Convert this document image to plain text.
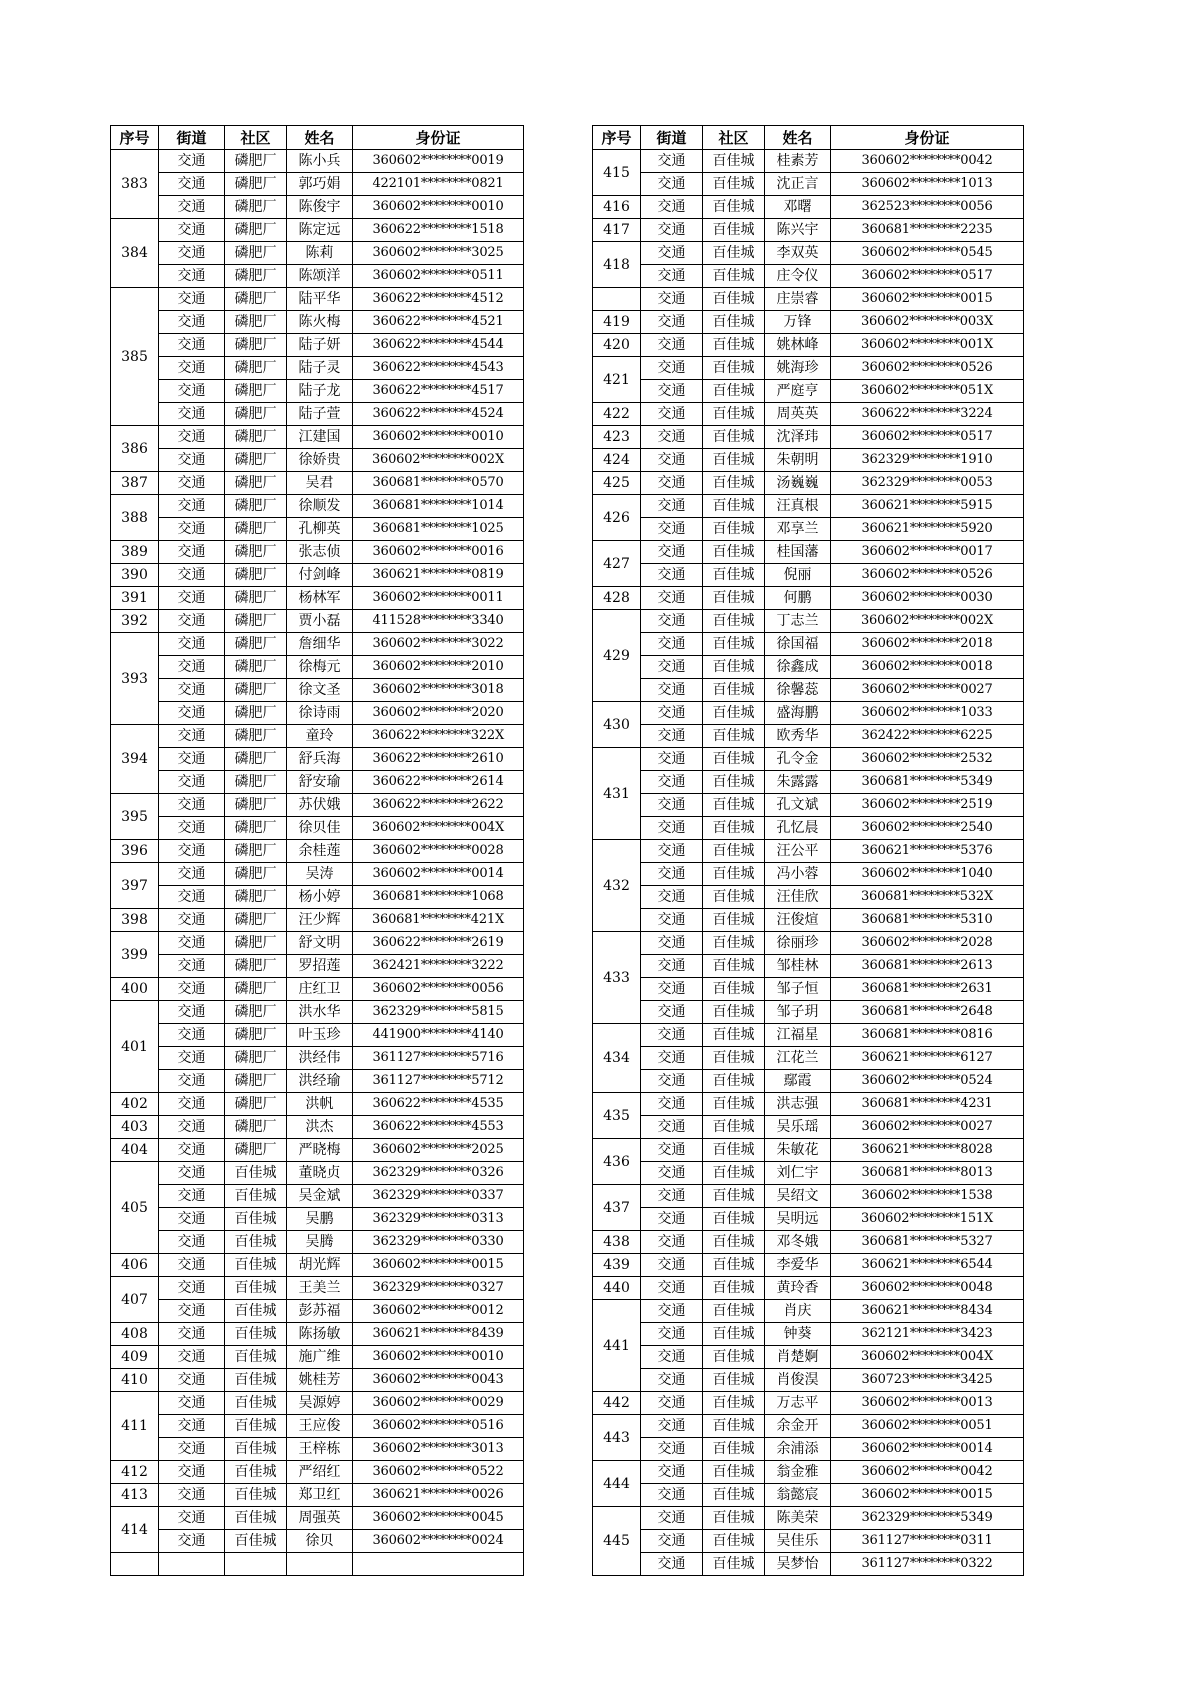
序号	街道	社区	姓名	身份证
383	交通	磷肥厂	陈小兵	360602********0019
	交通	磷肥厂	郭巧娟	422101********0821
	交通	磷肥厂	陈俊宇	360602********0010
384	交通	磷肥厂	陈定远	360622********1518
	交通	磷肥厂	陈莉	360602********3025
	交通	磷肥厂	陈颂洋	360602********0511
385	交通	磷肥厂	陆平华	360622********4512
	交通	磷肥厂	陈火梅	360622********4521
	交通	磷肥厂	陆子妍	360622********4544
	交通	磷肥厂	陆子灵	360622********4543
	交通	磷肥厂	陆子龙	360622********4517
	交通	磷肥厂	陆子萱	360622********4524
386	交通	磷肥厂	江建国	360602********0010
	交通	磷肥厂	徐娇贵	360602********002X
387	交通	磷肥厂	吴君	360681********0570
388	交通	磷肥厂	徐顺发	360681********1014
	交通	磷肥厂	孔柳英	360681********1025
389	交通	磷肥厂	张志侦	360602********0016
390	交通	磷肥厂	付剑峰	360621********0819
391	交通	磷肥厂	杨林军	360602********0011
392	交通	磷肥厂	贾小磊	411528********3340
393	交通	磷肥厂	詹细华	360602********3022
	交通	磷肥厂	徐梅元	360602********2010
	交通	磷肥厂	徐文圣	360602********3018
	交通	磷肥厂	徐诗雨	360602********2020
394	交通	磷肥厂	童玲	360622********322X
	交通	磷肥厂	舒兵海	360622********2610
	交通	磷肥厂	舒安瑜	360622********2614
395	交通	磷肥厂	苏伏娥	360622********2622
	交通	磷肥厂	徐贝佳	360602********004X
396	交通	磷肥厂	余桂莲	360602********0028
397	交通	磷肥厂	吴涛	360602********0014
	交通	磷肥厂	杨小婷	360681********1068
398	交通	磷肥厂	汪少辉	360681********421X
399	交通	磷肥厂	舒文明	360622********2619
	交通	磷肥厂	罗招莲	362421********3222
400	交通	磷肥厂	庄红卫	360602********0056
401	交通	磷肥厂	洪水华	362329********5815
	交通	磷肥厂	叶玉珍	441900********4140
	交通	磷肥厂	洪经伟	361127********5716
	交通	磷肥厂	洪经瑜	361127********5712
402	交通	磷肥厂	洪帆	360622********4535
403	交通	磷肥厂	洪杰	360622********4553
404	交通	磷肥厂	严晓梅	360602********2025
405	交通	百佳城	董晓贞	362329********0326
	交通	百佳城	吴金斌	362329********0337
	交通	百佳城	吴鹏	362329********0313
	交通	百佳城	吴腾	362329********0330
406	交通	百佳城	胡光辉	360602********0015
407	交通	百佳城	王美兰	362329********0327
	交通	百佳城	彭苏福	360602********0012
408	交通	百佳城	陈扬敏	360621********8439
409	交通	百佳城	施广维	360602********0010
410	交通	百佳城	姚桂芳	360602********0043
411	交通	百佳城	吴源婷	360602********0029
	交通	百佳城	王应俊	360602********0516
	交通	百佳城	王梓栋	360602********3013
412	交通	百佳城	严绍红	360602********0522
413	交通	百佳城	郑卫红	360621********0026
414	交通	百佳城	周强英	360602********0045
	交通	百佳城	徐贝	360602********0024

序号	街道	社区	姓名	身份证
415	交通	百佳城	桂素芳	360602********0042
	交通	百佳城	沈正言	360602********1013
416	交通	百佳城	邓曙	362523********0056
417	交通	百佳城	陈兴宇	360681********2235
418	交通	百佳城	李双英	360602********0545
	交通	百佳城	庄令仪	360602********0517
	交通	百佳城	庄崇睿	360602********0015
419	交通	百佳城	万锋	360602********003X
420	交通	百佳城	姚林峰	360602********001X
421	交通	百佳城	姚海珍	360602********0526
	交通	百佳城	严庭亨	360602********051X
422	交通	百佳城	周英英	360622********3224
423	交通	百佳城	沈泽玮	360602********0517
424	交通	百佳城	朱朝明	362329********1910
425	交通	百佳城	汤巍巍	362329********0053
426	交通	百佳城	汪真根	360621********5915
	交通	百佳城	邓享兰	360621********5920
427	交通	百佳城	桂国藩	360602********0017
	交通	百佳城	倪丽	360602********0526
428	交通	百佳城	何鹏	360602********0030
429	交通	百佳城	丁志兰	360602********002X
	交通	百佳城	徐国福	360602********2018
	交通	百佳城	徐鑫成	360602********0018
	交通	百佳城	徐馨蕊	360602********0027
430	交通	百佳城	盛海鹏	360602********1033
	交通	百佳城	欧秀华	362422********6225
431	交通	百佳城	孔令金	360602********2532
	交通	百佳城	朱露露	360681********5349
	交通	百佳城	孔文斌	360602********2519
	交通	百佳城	孔忆晨	360602********2540
432	交通	百佳城	汪公平	360621********5376
	交通	百佳城	冯小蓉	360602********1040
	交通	百佳城	汪佳欣	360681********532X
	交通	百佳城	汪俊煊	360681********5310
433	交通	百佳城	徐丽珍	360602********2028
	交通	百佳城	邹桂林	360681********2613
	交通	百佳城	邹子恒	360681********2631
	交通	百佳城	邹子玥	360681********2648
434	交通	百佳城	江福星	360681********0816
	交通	百佳城	江花兰	360621********6127
	交通	百佳城	鄢霞	360602********0524
435	交通	百佳城	洪志强	360681********4231
	交通	百佳城	吴乐瑶	360602********0027
436	交通	百佳城	朱敏花	360621********8028
	交通	百佳城	刘仁宇	360681********8013
437	交通	百佳城	吴绍文	360602********1538
	交通	百佳城	吴明远	360602********151X
438	交通	百佳城	邓冬娥	360681********5327
439	交通	百佳城	李爱华	360621********6544
440	交通	百佳城	黄玲香	360602********0048
441	交通	百佳城	肖庆	360621********8434
	交通	百佳城	钟葵	362121********3423
	交通	百佳城	肖楚婀	360602********004X
	交通	百佳城	肖俊淏	360723********3425
442	交通	百佳城	万志平	360602********0013
443	交通	百佳城	余金开	360602********0051
	交通	百佳城	余浦添	360602********0014
444	交通	百佳城	翁金雅	360602********0042
	交通	百佳城	翁懿宸	360602********0015
445	交通	百佳城	陈美荣	362329********5349
	交通	百佳城	吴佳乐	361127********0311
	交通	百佳城	吴梦怡	361127********0322
